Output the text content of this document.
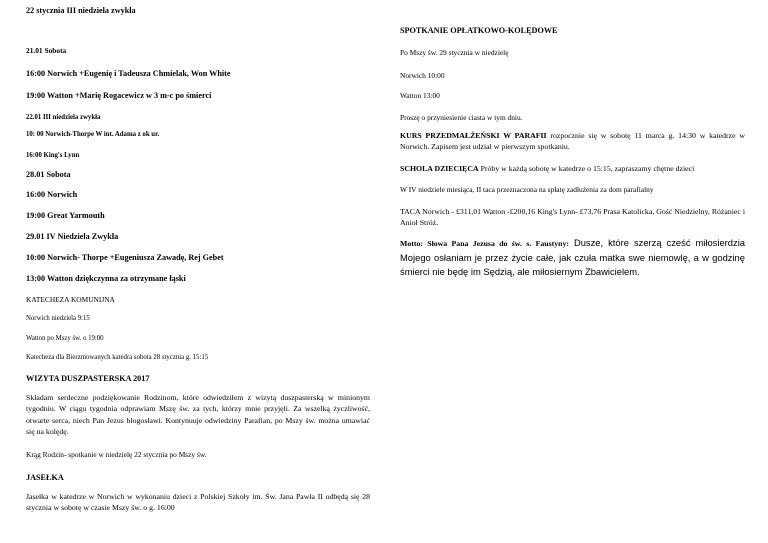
22 stycznia III niedziela zwykła
21.01 Sobota
16:00 Norwich +Eugenię i Tadeusza Chmielak, Won White
19:00 Watton +Marię Rogacewicz w 3 m-c po śmierci
22.01 III niedziela zwykła
10: 00 Norwich-Thorpe W int. Adama z ok ur.
16:00 King's Lynn
28.01 Sobota
16:00 Norwich
19:00 Great Yarmouth
29.01 IV Niedziela Zwykła
10:00 Norwich- Thorpe +Eugeniusza Zawadę, Rej Gebet
13:00 Watton dziękczynna za otrzymane łąski
KATECHEZA KOMUNIJNA
Norwich niedziela 9:15
Watton po Mszy św. o 19:00
Katecheza dla Bierzmowanych katedra sobota 28 stycznia g. 15:15
WIZYTA DUSZPASTERSKA 2017
Składam serdeczne podziękowanie Rodzinom, które odwiedziłem z wizytą duszpasterską w minionym tygodniu. W ciągu tygodnia odprawiam Mszę św. za tych, którzy mnie przyjęli. Za wszelką życzliwość, otwarte serca, niech Pan Jezus błogosławi. Kontynuuje odwiedziny Parafian, po Mszy św. można umawiać się na kolędę.
Krąg Rodzin- spotkanie w niedzielę 22 stycznia po Mszy św.
JASEŁKA
Jasełka w katedrze w Norwich w wykonaniu dzieci z Polskiej Szkoły im. Św. Jana Pawła II odbędą się 28 stycznia w sobotę w czasie Mszy św. o g. 16:00
SPOTKANIE OPŁATKOWO-KOLĘDOWE
Po Mszy św. 29 stycznia w niedzielę
Norwich 10:00
Watton 13:00
Proszę o przyniesienie ciasta w tym dniu.
KURS PRZEDMAŁŻEŃSKI W PARAFII rozpocznie się w sobotę 11 marca g. 14:30 w katedrze w Norwich. Zapisem jest udział w pierwszym spotkaniu.
SCHOLA DZIECIĘCA Próby w każdą sobotę w katedrze o 15:15, zapraszamy chętne dzieci
W IV niedziele miesiąca, II taca przeznaczona na spłatę zadłużenia za dom parafialny
TACA Norwich - £311,01 Watton -£200,16 King's Lynn- £73,76 Prasa Katolicka, Gość Niedzielny, Różaniec i Anioł Stróż.
Motto: Słowa Pana Jezusa do św. s. Faustyny: Dusze, które szerzą cześć miłosierdzia Mojego osłaniam je przez życie całe, jak czuła matka swe niemowlę, a w godzinę śmierci nie będę im Sędzią, ale miłosiernym Zbawicielem.
